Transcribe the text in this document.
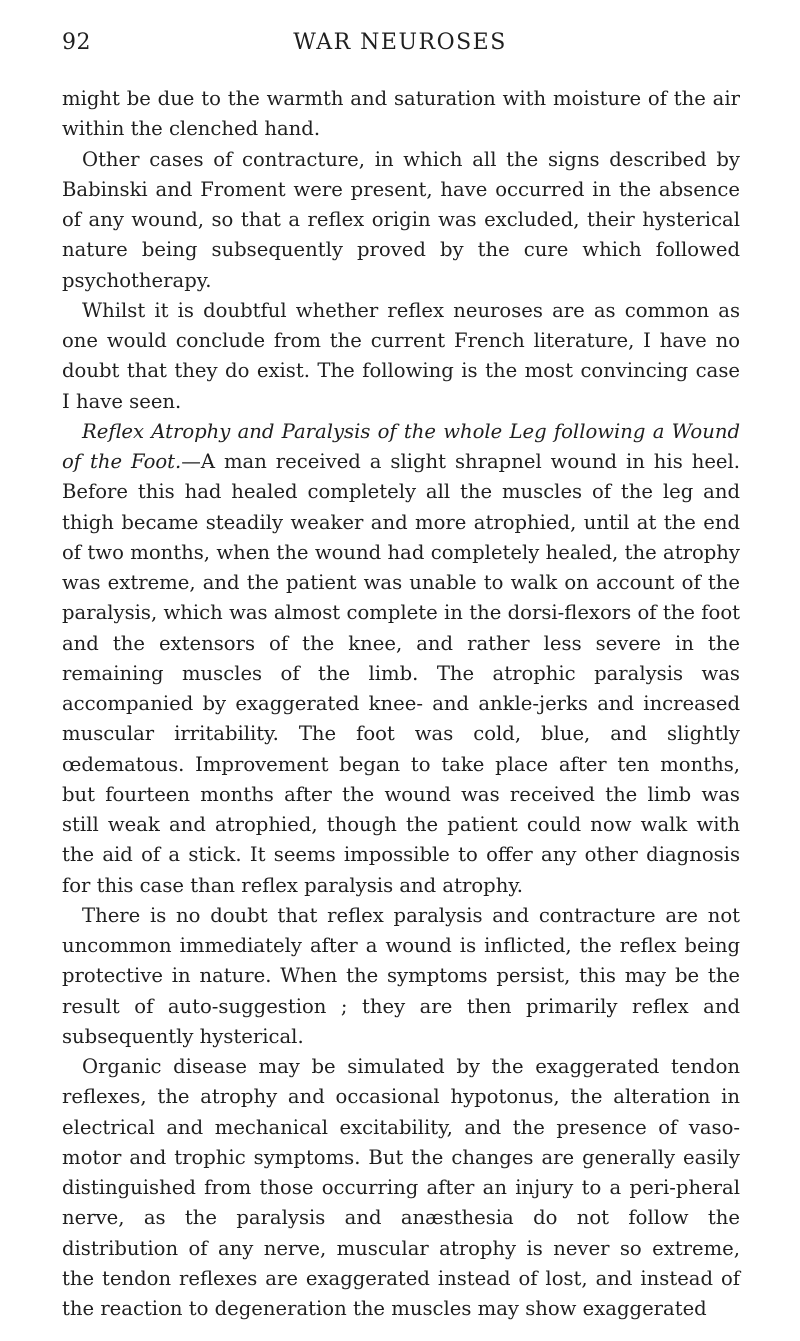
92	WAR NEUROSES

might be due to the warmth and saturation with moisture of the air within the clenched hand.

Other cases of contracture, in which all the signs described by Babinski and Froment were present, have occurred in the absence of any wound, so that a reflex origin was excluded, their hysterical nature being subsequently proved by the cure which followed psychotherapy.

Whilst it is doubtful whether reflex neuroses are as common as one would conclude from the current French literature, I have no doubt that they do exist. The following is the most convincing case I have seen.

Reflex Atrophy and Paralysis of the whole Leg following a Wound of the Foot.—A man received a slight shrapnel wound in his heel. Before this had healed completely all the muscles of the leg and thigh became steadily weaker and more atrophied, until at the end of two months, when the wound had completely healed, the atrophy was extreme, and the patient was unable to walk on account of the paralysis, which was almost complete in the dorsi-flexors of the foot and the extensors of the knee, and rather less severe in the remaining muscles of the limb. The atrophic paralysis was accompanied by exaggerated knee- and ankle-jerks and increased muscular irritability. The foot was cold, blue, and slightly œdematous. Improvement began to take place after ten months, but fourteen months after the wound was received the limb was still weak and atrophied, though the patient could now walk with the aid of a stick. It seems impossible to offer any other diagnosis for this case than reflex paralysis and atrophy.

There is no doubt that reflex paralysis and contracture are not uncommon immediately after a wound is inflicted, the reflex being protective in nature. When the symptoms persist, this may be the result of auto-suggestion ; they are then primarily reflex and subsequently hysterical.

Organic disease may be simulated by the exaggerated tendon reflexes, the atrophy and occasional hypotonus, the alteration in electrical and mechanical excitability, and the presence of vaso-motor and trophic symptoms. But the changes are generally easily distinguished from those occurring after an injury to a peri-pheral nerve, as the paralysis and anæsthesia do not follow the distribution of any nerve, muscular atrophy is never so extreme, the tendon reflexes are exaggerated instead of lost, and instead of the reaction to degeneration the muscles may show exaggerated
